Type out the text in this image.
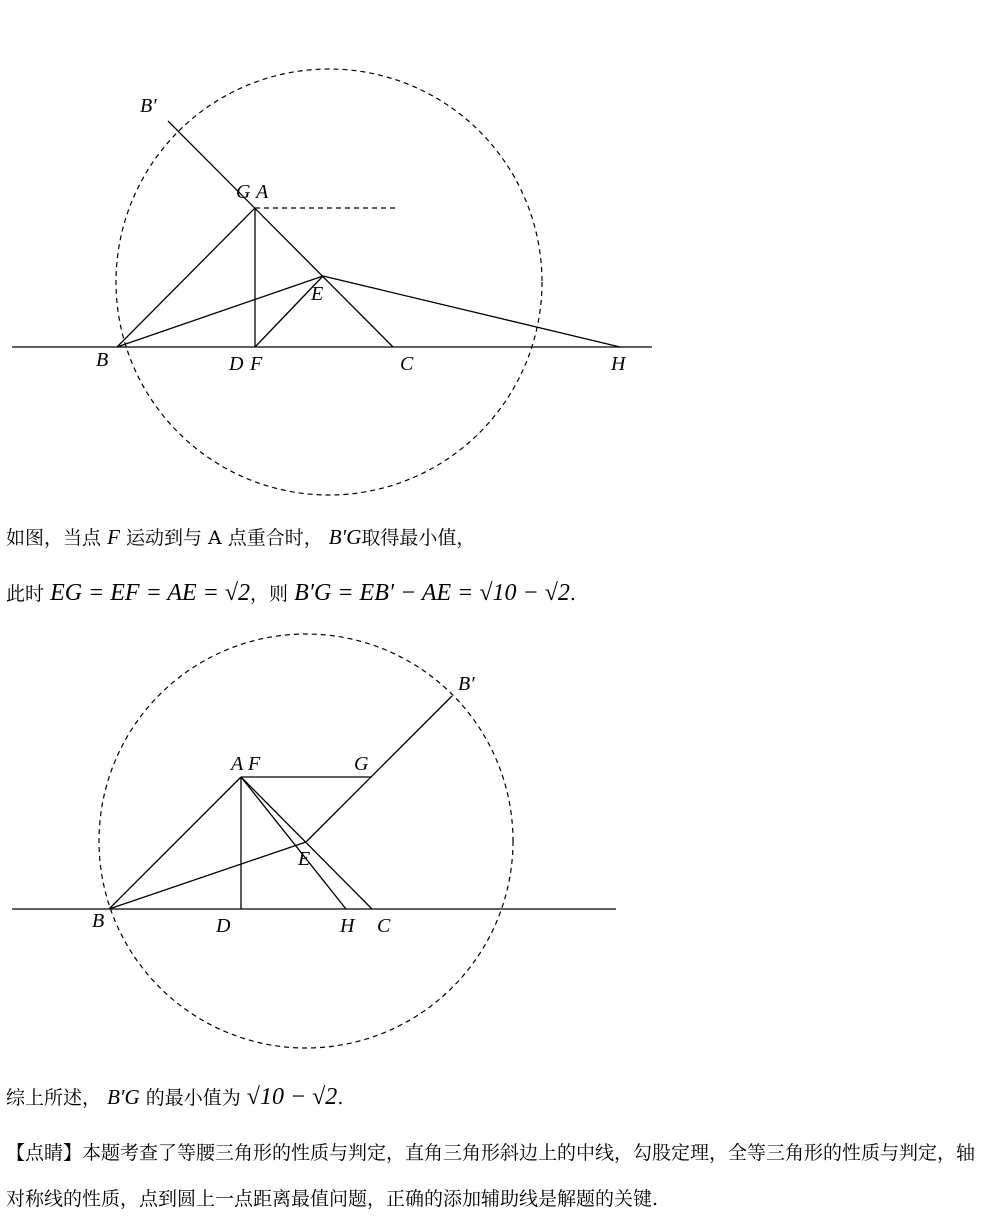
B′
G A
E
B	D F	C	H
如图，当点 F 运动到与 A 点重合时， B′G取得最小值，
此时 EG = EF = AE = √2，则 B′G = EB′ − AE = √10 − √2.
B′
A F	G
E
B	D	H C
综上所述， B′G 的最小值为 √10 − √2.
【点睛】本题考查了等腰三角形的性质与判定，直角三角形斜边上的中线，勾股定理，全等三角形的性质与判定，轴对称线的性质，点到圆上一点距离最值问题，正确的添加辅助线是解题的关键.
